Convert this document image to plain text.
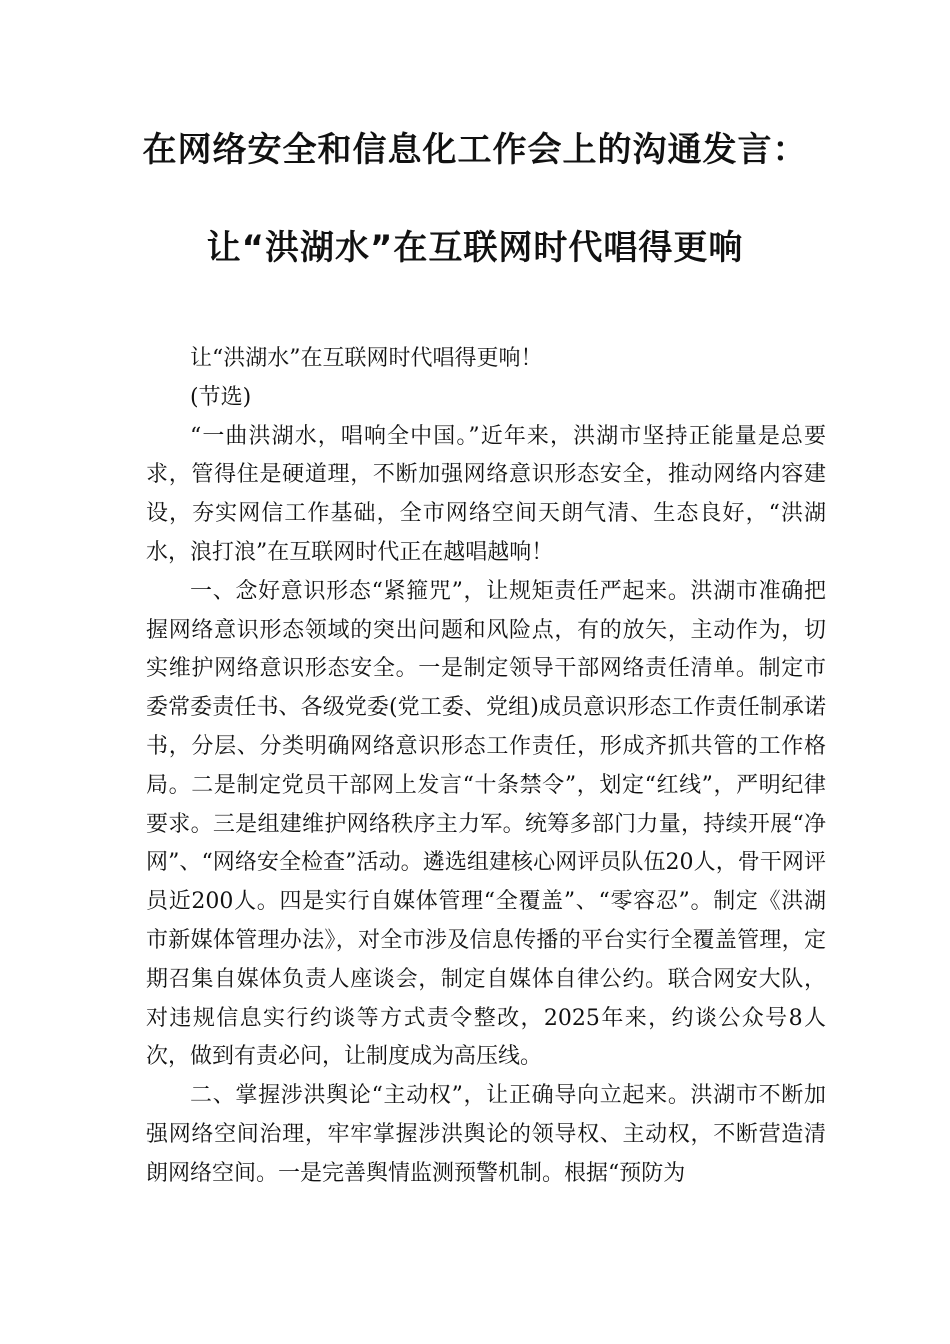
在网络安全和信息化工作会上的沟通发言：
让“洪湖水”在互联网时代唱得更响

让“洪湖水”在互联网时代唱得更响！

(节选)

“一曲洪湖水，唱响全中国。”近年来，洪湖市坚持正能量是总要求，管得住是硬道理，不断加强网络意识形态安全，推动网络内容建设，夯实网信工作基础，全市网络空间天朗气清、生态良好，“洪湖水，浪打浪”在互联网时代正在越唱越响！

一、念好意识形态“紧箍咒”，让规矩责任严起来。洪湖市准确把握网络意识形态领域的突出问题和风险点，有的放矢，主动作为，切实维护网络意识形态安全。一是制定领导干部网络责任清单。制定市委常委责任书、各级党委(党工委、党组)成员意识形态工作责任制承诺书，分层、分类明确网络意识形态工作责任，形成齐抓共管的工作格局。二是制定党员干部网上发言“十条禁令”，划定“红线”，严明纪律要求。三是组建维护网络秩序主力军。统筹多部门力量，持续开展“净网”、“网络安全检查”活动。遴选组建核心网评员队伍20人，骨干网评员近200人。四是实行自媒体管理“全覆盖”、“零容忍”。制定《洪湖市新媒体管理办法》，对全市涉及信息传播的平台实行全覆盖管理，定期召集自媒体负责人座谈会，制定自媒体自律公约。联合网安大队，对违规信息实行约谈等方式责令整改，2025年来，约谈公众号8人次，做到有责必问，让制度成为高压线。

二、掌握涉洪舆论“主动权”，让正确导向立起来。洪湖市不断加强网络空间治理，牢牢掌握涉洪舆论的领导权、主动权，不断营造清朗网络空间。一是完善舆情监测预警机制。根据“预防为
